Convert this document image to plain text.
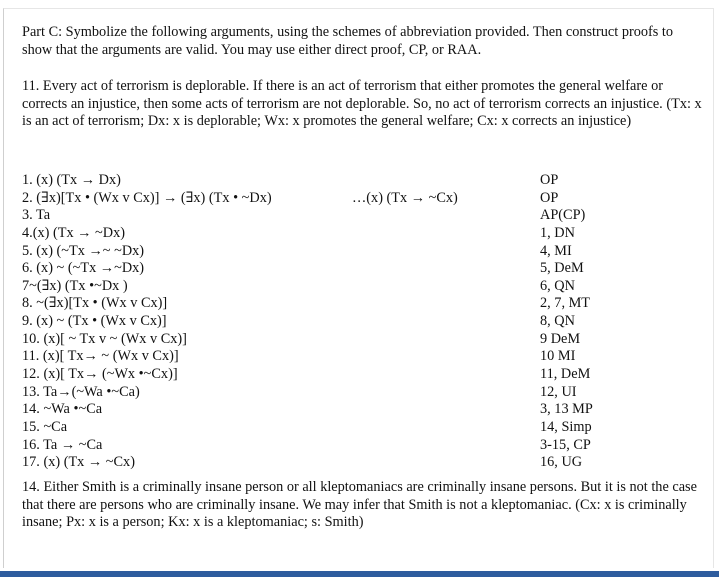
Part C: Symbolize the following arguments, using the schemes of abbreviation provided. Then construct proofs to show that the arguments are valid. You may use either direct proof, CP, or RAA.

11. Every act of terrorism is deplorable. If there is an act of terrorism that either promotes the general welfare or corrects an injustice, then some acts of terrorism are not deplorable. So, no act of terrorism corrects an injustice. (Tx: x is an act of terrorism; Dx: x is deplorable; Wx: x promotes the general welfare; Cx: x corrects an injustice)

1. (x) (Tx → Dx)	OP
2. (∃x)[Tx • (Wx v Cx)] → (∃x) (Tx • ~Dx)	…(x) (Tx → ~Cx)	OP
3. Ta	AP(CP)
4.(x) (Tx → ~Dx)	1, DN
5. (x) (~Tx →~ ~Dx)	4, MI
6. (x) ~ (~Tx →~Dx)	5, DeM
7~(∃x) (Tx •~Dx )	6, QN
8. ~(∃x)[Tx • (Wx v Cx)]	2, 7, MT
9. (x) ~ (Tx • (Wx v Cx)]	8, QN
10. (x)[ ~ Tx v ~ (Wx v Cx)]	9 DeM
11. (x)[ Tx→ ~ (Wx v Cx)]	10 MI
12. (x)[ Tx→ (~Wx •~Cx)]	11, DeM
13. Ta→(~Wa •~Ca)	12, UI
14. ~Wa •~Ca	3, 13 MP
15. ~Ca	14, Simp
16. Ta → ~Ca	3-15, CP
17. (x) (Tx → ~Cx)	16, UG

14. Either Smith is a criminally insane person or all kleptomaniacs are criminally insane persons. But it is not the case that there are persons who are criminally insane. We may infer that Smith is not a kleptomaniac. (Cx: x is criminally insane; Px: x is a person; Kx: x is a kleptomaniac; s: Smith)
